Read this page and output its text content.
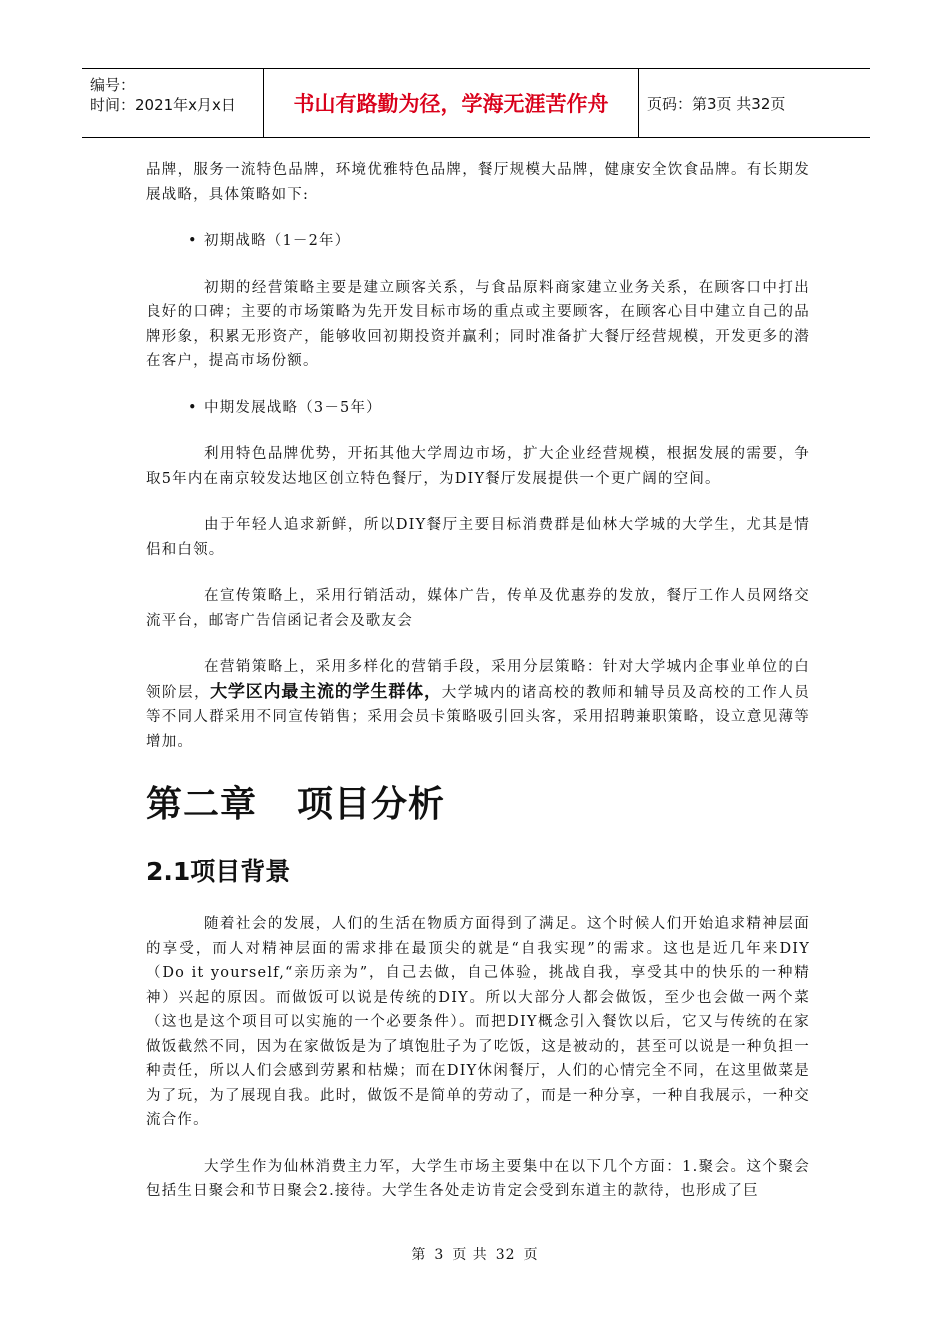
编号：
时间：2021年x月x日	书山有路勤为径，学海无涯苦作舟	页码：第3页 共32页

品牌，服务一流特色品牌，环境优雅特色品牌，餐厅规模大品牌，健康安全饮食品牌。有长期发展战略，具体策略如下:

• 初期战略（1－2年）

初期的经营策略主要是建立顾客关系，与食品原料商家建立业务关系，在顾客口中打出良好的口碑；主要的市场策略为先开发目标市场的重点或主要顾客，在顾客心目中建立自己的品牌形象，积累无形资产，能够收回初期投资并赢利；同时准备扩大餐厅经营规模，开发更多的潜在客户，提高市场份额。

• 中期发展战略（3－5年）

利用特色品牌优势，开拓其他大学周边市场，扩大企业经营规模，根据发展的需要，争取5年内在南京较发达地区创立特色餐厅，为DIY餐厅发展提供一个更广阔的空间。

由于年轻人追求新鲜，所以DIY餐厅主要目标消费群是仙林大学城的大学生，尤其是情侣和白领。

在宣传策略上，采用行销活动，媒体广告，传单及优惠券的发放，餐厅工作人员网络交流平台，邮寄广告信函记者会及歌友会

在营销策略上，采用多样化的营销手段，采用分层策略：针对大学城内企事业单位的白领阶层，大学区内最主流的学生群体，大学城内的诸高校的教师和辅导员及高校的工作人员等不同人群采用不同宣传销售；采用会员卡策略吸引回头客，采用招聘兼职策略，设立意见薄等增加。

第二章 项目分析
2.1项目背景

随着社会的发展，人们的生活在物质方面得到了满足。这个时候人们开始追求精神层面的享受，而人对精神层面的需求排在最顶尖的就是“自我实现”的需求。这也是近几年来DIY（Do it yourself,“亲历亲为”，自己去做，自己体验，挑战自我，享受其中的快乐的一种精神）兴起的原因。而做饭可以说是传统的DIY。所以大部分人都会做饭，至少也会做一两个菜（这也是这个项目可以实施的一个必要条件）。而把DIY概念引入餐饮以后，它又与传统的在家做饭截然不同，因为在家做饭是为了填饱肚子为了吃饭，这是被动的，甚至可以说是一种负担一种责任，所以人们会感到劳累和枯燥；而在DIY休闲餐厅，人们的心情完全不同，在这里做菜是为了玩，为了展现自我。此时，做饭不是简单的劳动了，而是一种分享，一种自我展示，一种交流合作。

大学生作为仙林消费主力军，大学生市场主要集中在以下几个方面：1.聚会。这个聚会包括生日聚会和节日聚会2.接待。大学生各处走访肯定会受到东道主的款待，也形成了巨

第 3 页 共 32 页
